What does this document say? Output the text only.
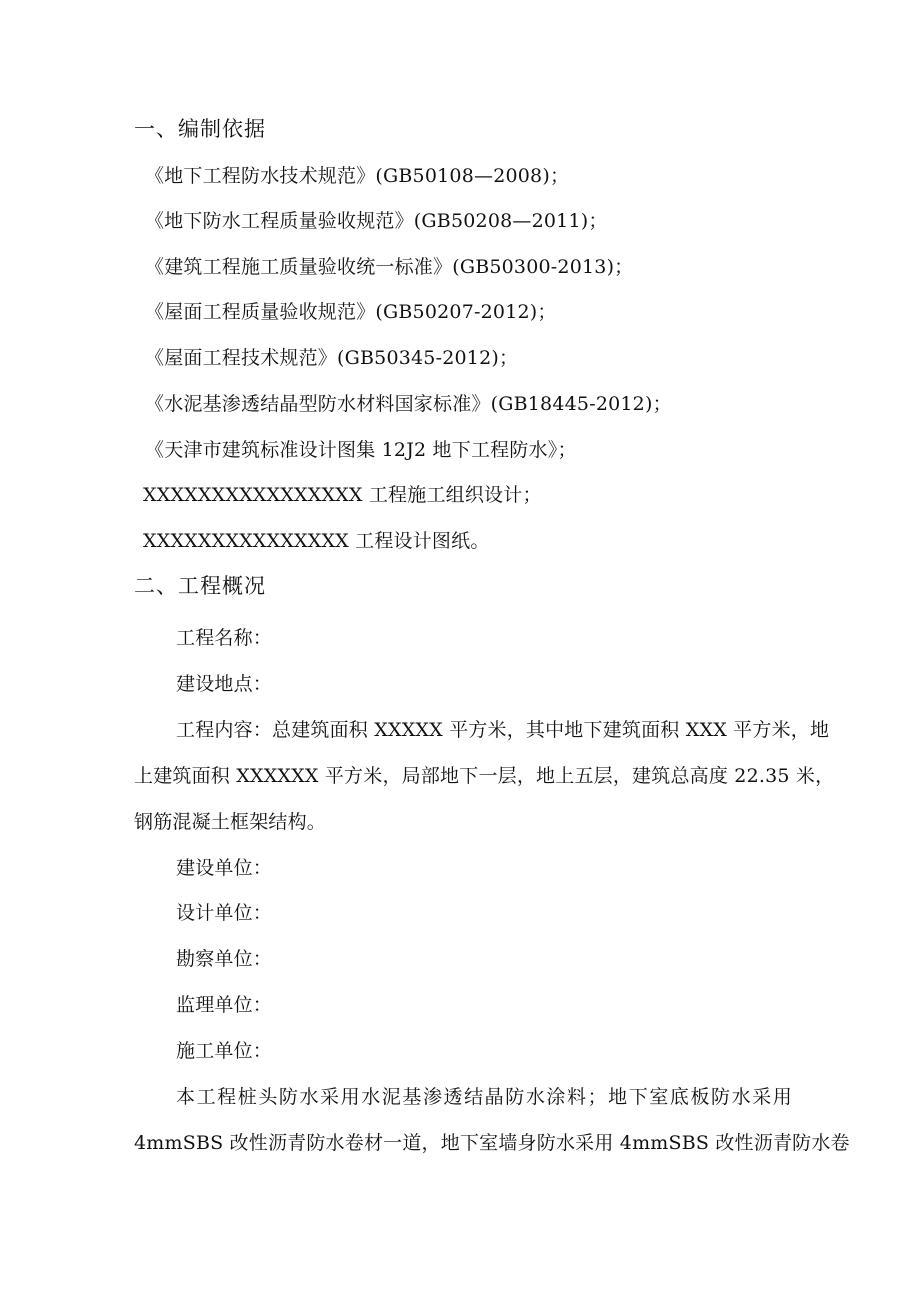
一、编制依据
《地下工程防水技术规范》(GB50108—2008)；
《地下防水工程质量验收规范》(GB50208—2011)；
《建筑工程施工质量验收统一标准》(GB50300-2013)；
《屋面工程质量验收规范》(GB50207-2012)；
《屋面工程技术规范》(GB50345-2012)；
《水泥基渗透结晶型防水材料国家标准》(GB18445-2012)；
《天津市建筑标准设计图集 12J2 地下工程防水》；
XXXXXXXXXXXXXXXX 工程施工组织设计；
XXXXXXXXXXXXXXX 工程设计图纸。
二、工程概况
工程名称：
建设地点：
工程内容：总建筑面积 XXXXX 平方米，其中地下建筑面积 XXX 平方米，地
上建筑面积 XXXXXX 平方米，局部地下一层，地上五层，建筑总高度 22.35 米，
钢筋混凝土框架结构。
建设单位：
设计单位：
勘察单位：
监理单位：
施工单位：
本工程桩头防水采用水泥基渗透结晶防水涂料；地下室底板防水采用
4mmSBS 改性沥青防水卷材一道，地下室墙身防水采用 4mmSBS 改性沥青防水卷
